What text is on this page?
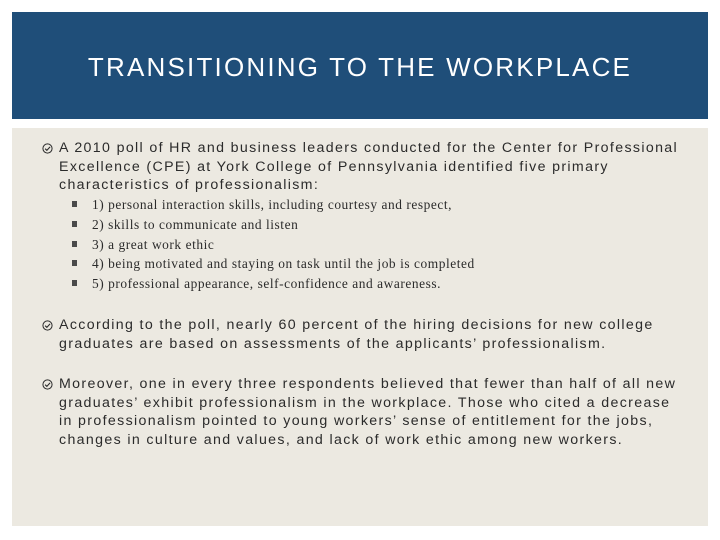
TRANSITIONING TO THE WORKPLACE
A 2010 poll of HR and business leaders conducted for the Center for Professional Excellence (CPE) at York College of Pennsylvania identified five primary characteristics of professionalism:
1) personal interaction skills, including courtesy and respect,
2) skills to communicate and listen
3) a great work ethic
4) being motivated and staying on task until the job is completed
5) professional appearance, self-confidence and awareness.
According to the poll, nearly 60 percent of the hiring decisions for new college graduates are based on assessments of the applicants’ professionalism.
Moreover, one in every three respondents believed that fewer than half of all new graduates’ exhibit professionalism in the workplace. Those who cited a decrease in professionalism pointed to young workers’ sense of entitlement for the jobs, changes in culture and values, and lack of work ethic among new workers.
